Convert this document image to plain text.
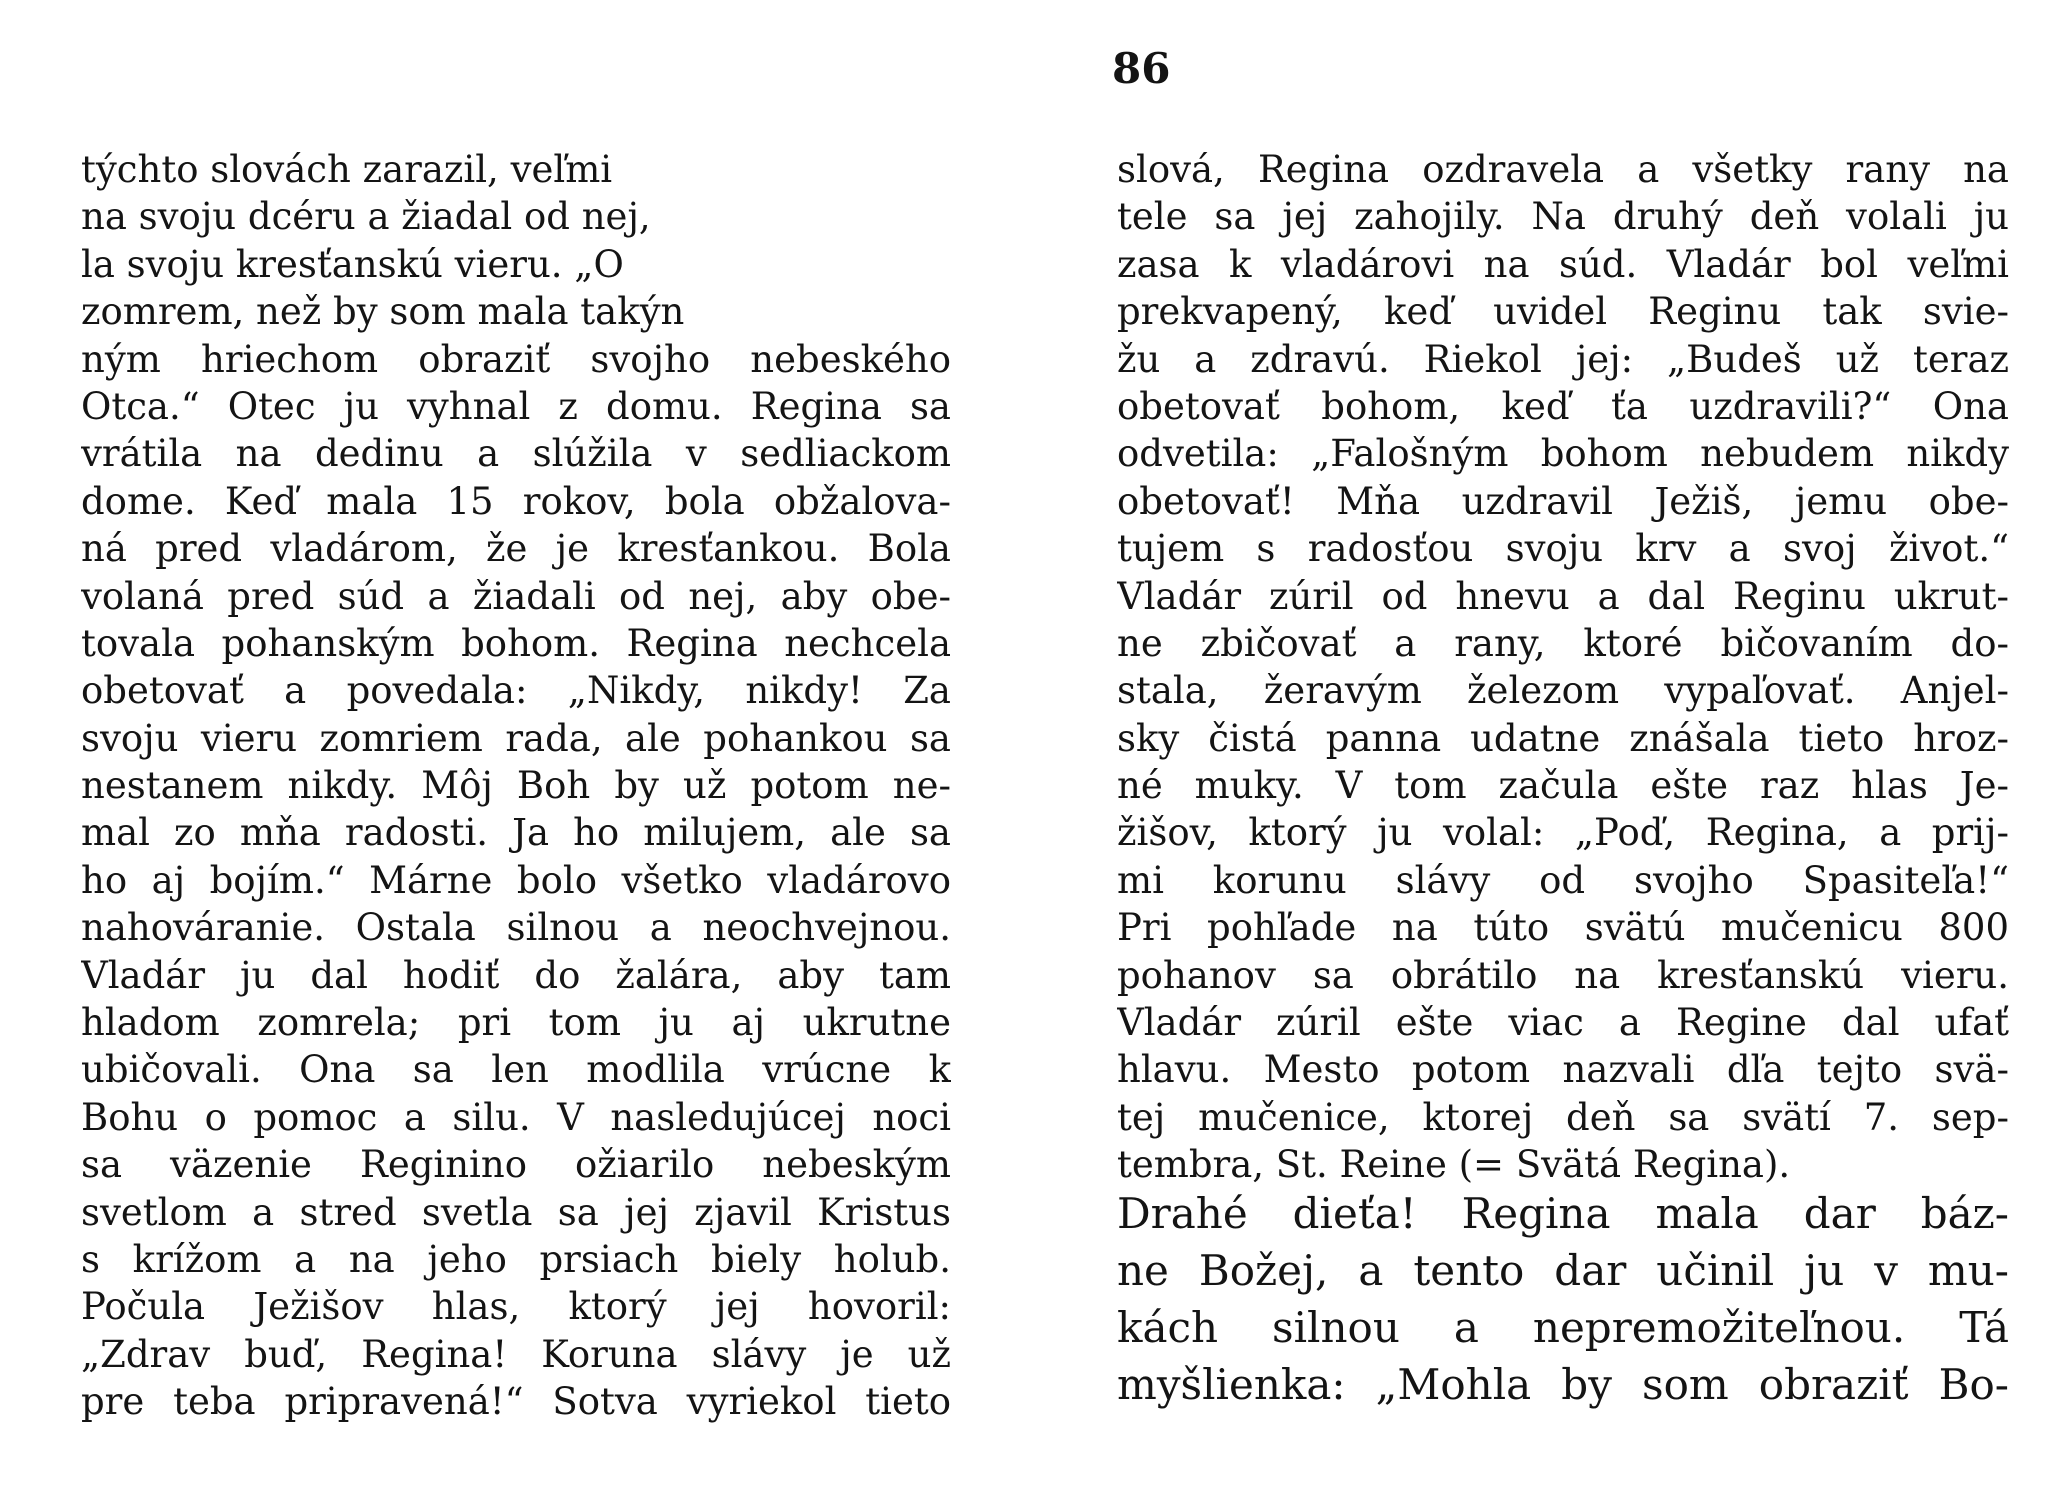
86
týchto slovách zarazil, veľmi
na svoju dcéru a žiadal od nej,
la svoju kresťanskú vieru. „O
zomrem, než by som mala takýn
ným hriechom obraziť svojho nebeského
Otca.“ Otec ju vyhnal z domu. Regina sa
vrátila na dedinu a slúžila v sedliackom
dome. Keď mala 15 rokov, bola obžalova-
ná pred vladárom, že je kresťankou. Bola
volaná pred súd a žiadali od nej, aby obe-
tovala pohanským bohom. Regina nechcela
obetovať a povedala: „Nikdy, nikdy! Za
svoju vieru zomriem rada, ale pohankou sa
nestanem nikdy. Môj Boh by už potom ne-
mal zo mňa radosti. Ja ho milujem, ale sa
ho aj bojím.“ Márne bolo všetko vladárovo
nahováranie. Ostala silnou a neochvejnou.
Vladár ju dal hodiť do žalára, aby tam
hladom zomrela; pri tom ju aj ukrutne
ubičovali. Ona sa len modlila vrúcne k
Bohu o pomoc a silu. V nasledujúcej noci
sa väzenie Reginino ožiarilo nebeským
svetlom a stred svetla sa jej zjavil Kristus
s krížom a na jeho prsiach biely holub.
Počula Ježišov hlas, ktorý jej hovoril:
„Zdrav buď, Regina! Koruna slávy je už
pre teba pripravená!“ Sotva vyriekol tieto
slová, Regina ozdravela a všetky rany na
tele sa jej zahojily. Na druhý deň volali ju
zasa k vladárovi na súd. Vladár bol veľmi
prekvapený, keď uvidel Reginu tak svie-
žu a zdravú. Riekol jej: „Budeš už teraz
obetovať bohom, keď ťa uzdravili?“ Ona
odvetila: „Falošným bohom nebudem nikdy
obetovať! Mňa uzdravil Ježiš, jemu obe-
tujem s radosťou svoju krv a svoj život.“
Vladár zúril od hnevu a dal Reginu ukrut-
ne zbičovať a rany, ktoré bičovaním do-
stala, žeravým železom vypaľovať. Anjel-
sky čistá panna udatne znášala tieto hroz-
né muky. V tom začula ešte raz hlas Je-
žišov, ktorý ju volal: „Poď, Regina, a prij-
mi korunu slávy od svojho Spasiteľa!“
Pri pohľade na túto svätú mučenicu 800
pohanov sa obrátilo na kresťanskú vieru.
Vladár zúril ešte viac a Regine dal ufať
hlavu. Mesto potom nazvali dľa tejto svä-
tej mučenice, ktorej deň sa svätí 7. sep-
tembra, St. Reine (= Svätá Regina).
Drahé dieťa! Regina mala dar báz-
ne Božej, a tento dar učinil ju v mu-
kách silnou a nepremožiteľnou. Tá
myšlienka: „Mohla by som obraziť Bo-
